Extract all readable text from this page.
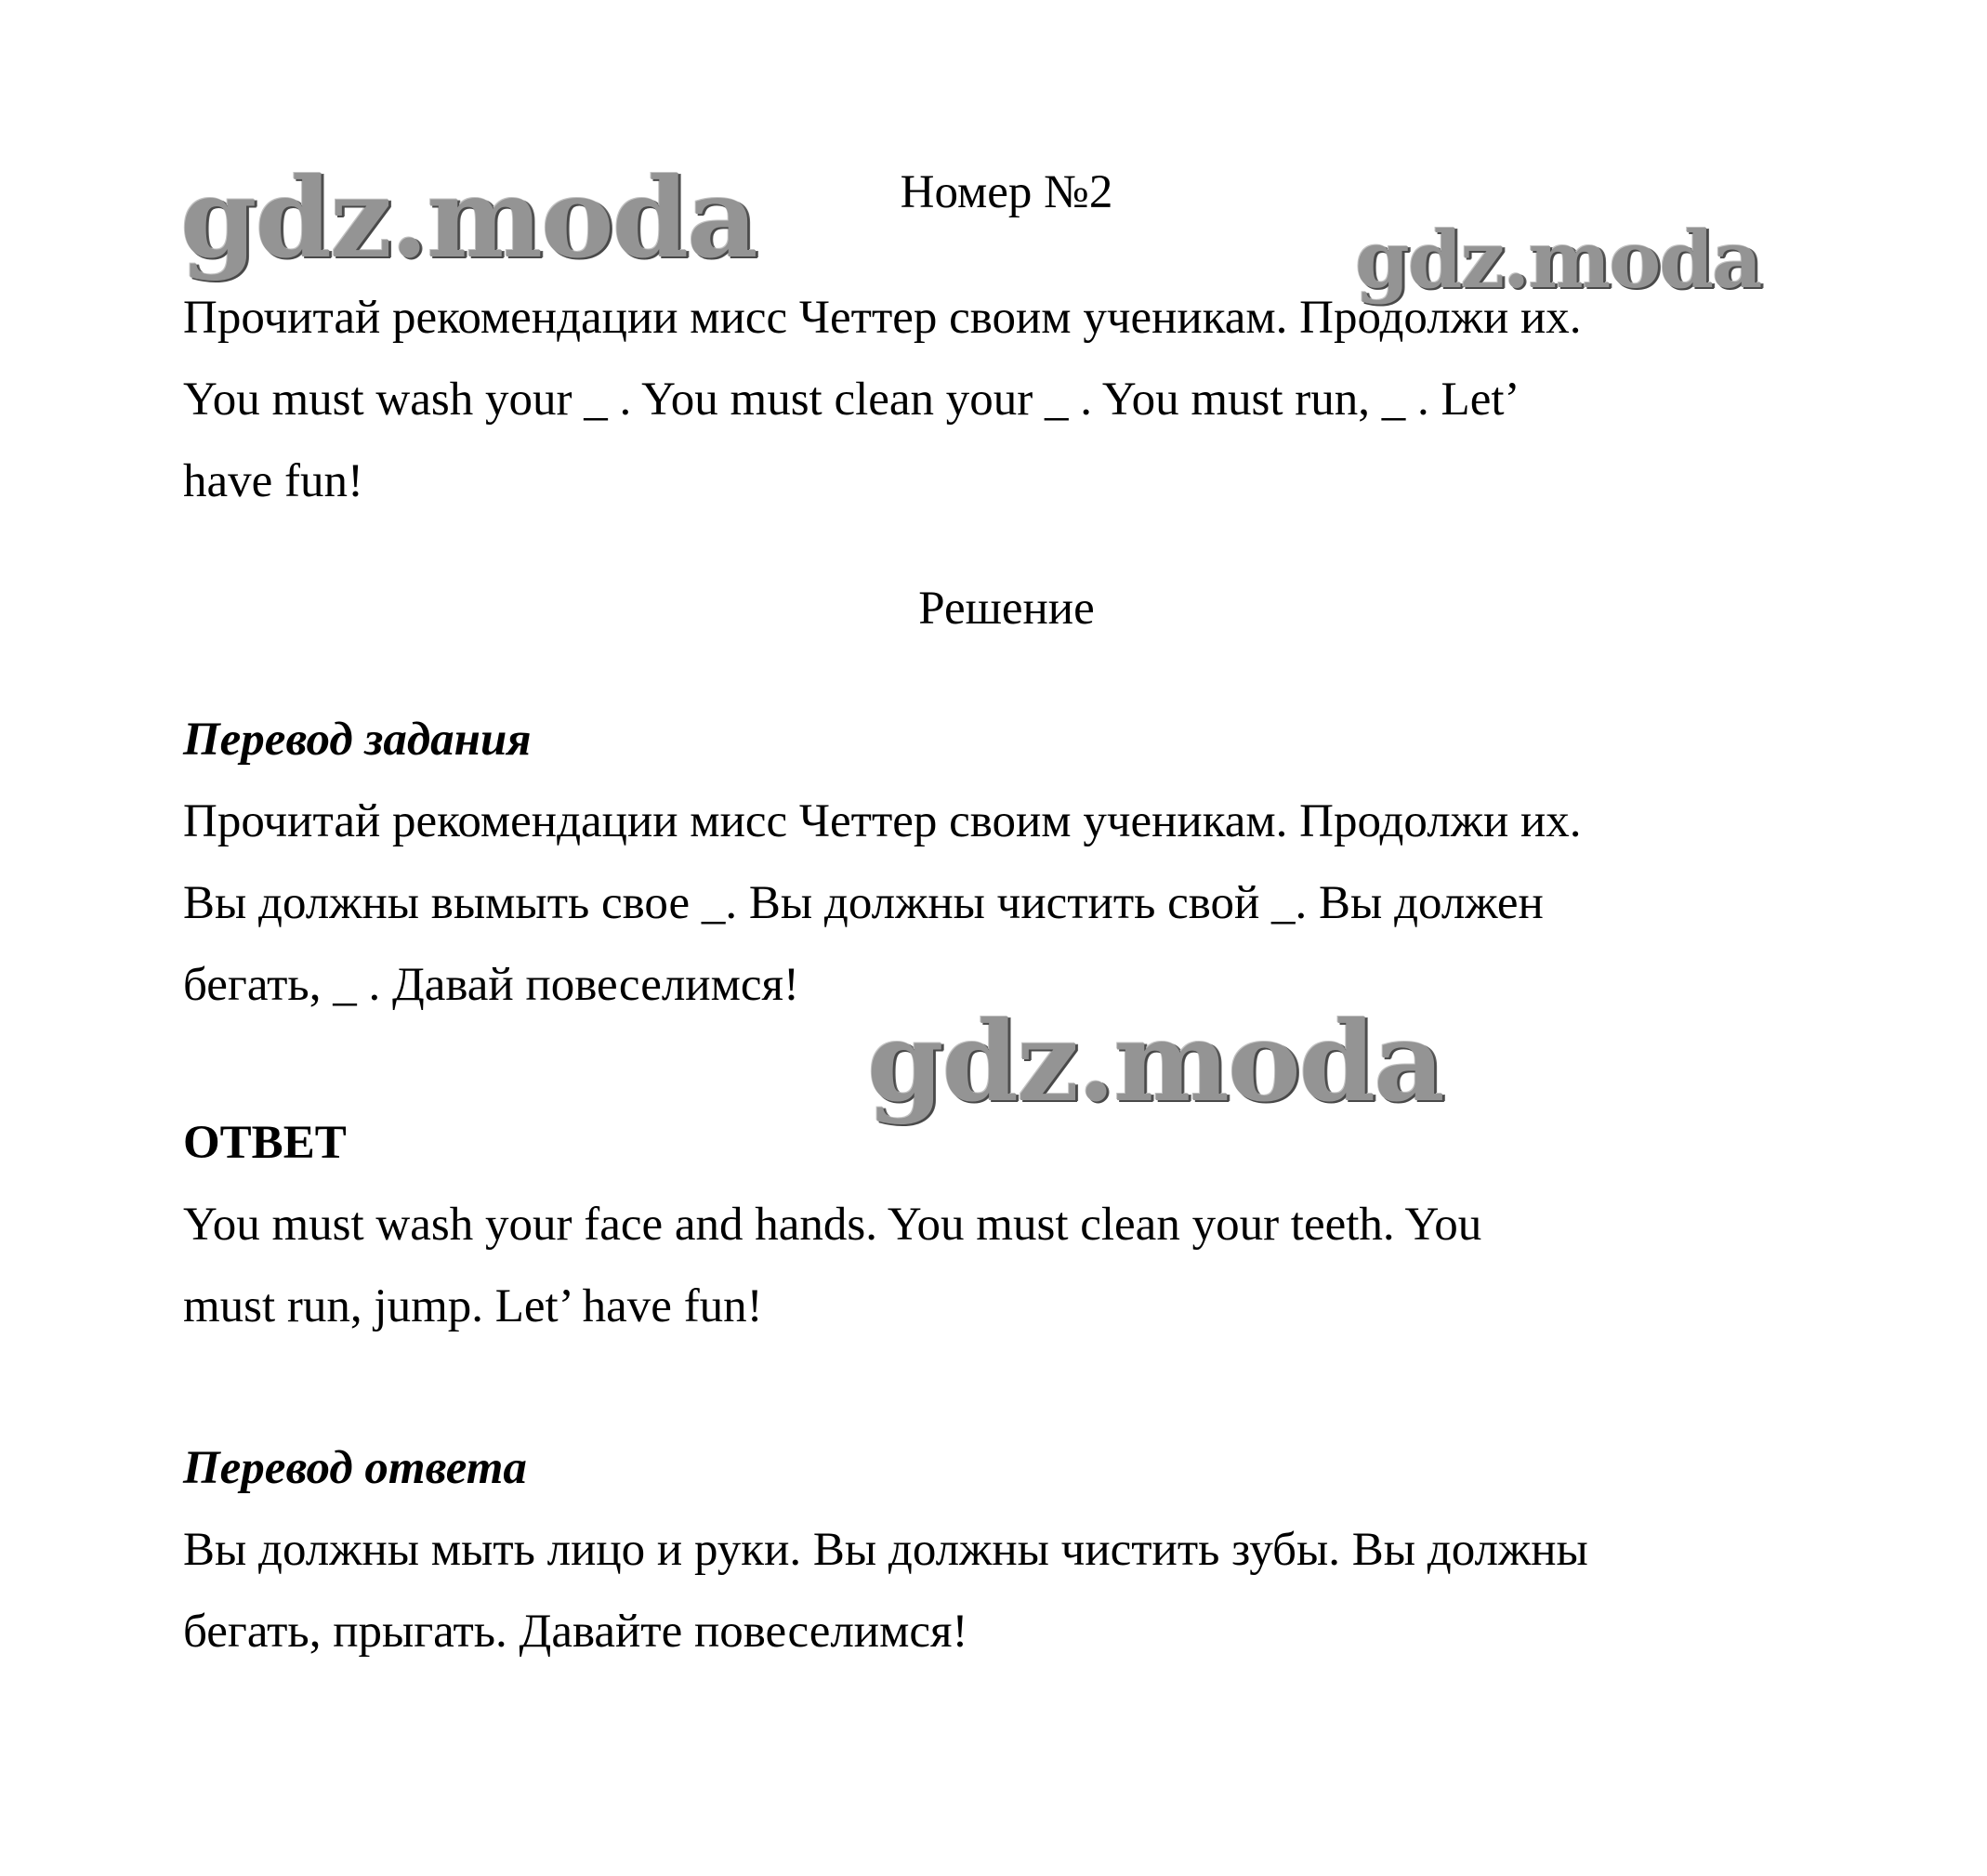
gdz.moda	gdz.moda
gdz.moda
Номер №2
Прочитай рекомендации мисс Четтер своим ученикам. Продолжи их.
You must wash your _ . You must clean your _ . You must run, _ . Let’
have fun!
Решение
Перевод задания
Прочитай рекомендации мисс Четтер своим ученикам. Продолжи их.
Вы должны вымыть свое _. Вы должны чистить свой _. Вы должен
бегать, _ . Давай повеселимся!
ОТВЕТ
You must wash your face and hands. You must clean your teeth. You
must run, jump. Let’ have fun!
Перевод ответа
Вы должны мыть лицо и руки. Вы должны чистить зубы. Вы должны
бегать, прыгать. Давайте повеселимся!
